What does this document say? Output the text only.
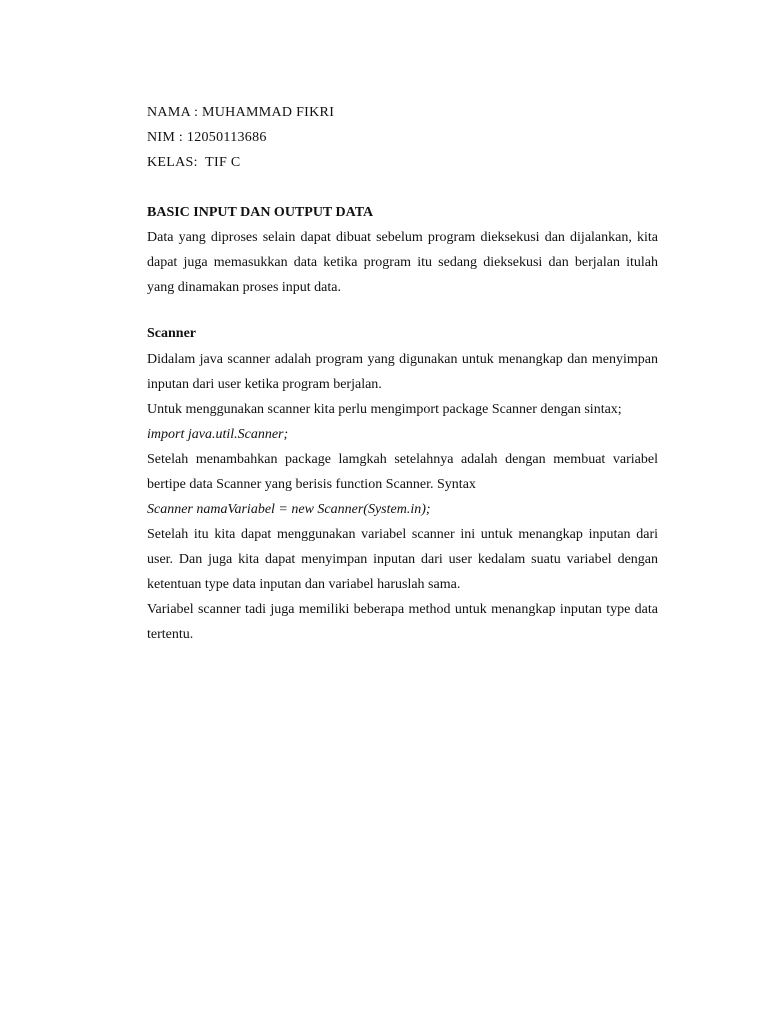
NAMA : MUHAMMAD FIKRI
NIM : 12050113686
KELAS:  TIF C
BASIC INPUT DAN OUTPUT DATA

Data yang diproses selain dapat dibuat sebelum program dieksekusi dan dijalankan, kita dapat juga memasukkan data ketika program itu sedang dieksekusi dan berjalan itulah yang dinamakan proses input data.

Scanner

Didalam java scanner adalah program yang digunakan untuk menangkap dan menyimpan inputan dari user ketika program berjalan.

Untuk menggunakan scanner kita perlu mengimport package Scanner dengan sintax;

import java.util.Scanner;

Setelah menambahkan package lamgkah setelahnya adalah dengan membuat variabel bertipe data Scanner yang berisis function Scanner. Syntax

Scanner namaVariabel = new Scanner(System.in);

Setelah itu kita dapat menggunakan variabel scanner ini untuk menangkap inputan dari user. Dan juga kita dapat menyimpan inputan dari user kedalam suatu variabel dengan ketentuan type data inputan dan variabel haruslah sama.

Variabel scanner tadi juga memiliki beberapa method untuk menangkap inputan type data tertentu.
